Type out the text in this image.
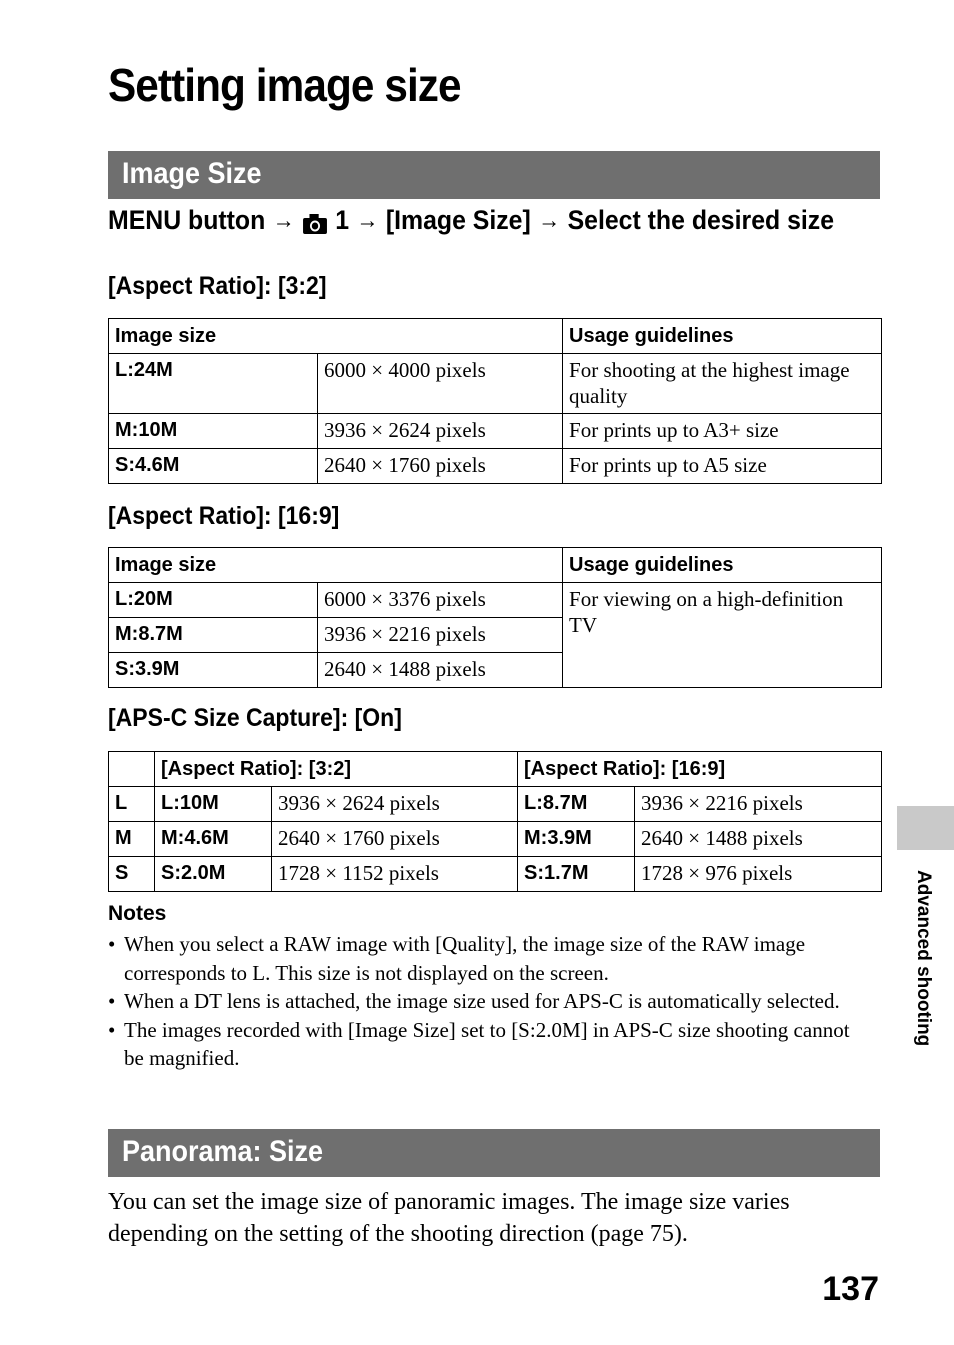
Setting image size
Image Size
MENU button → 1 → [Image Size] → Select the desired size
[Aspect Ratio]: [3:2]
Image size		Usage guidelines
L:24M	6000 × 4000 pixels	For shooting at the highest image quality
M:10M	3936 × 2624 pixels	For prints up to A3+ size
S:4.6M	2640 × 1760 pixels	For prints up to A5 size
[Aspect Ratio]: [16:9]
Image size		Usage guidelines
L:20M	6000 × 3376 pixels	For viewing on a high-definition TV
M:8.7M	3936 × 2216 pixels	
S:3.9M	2640 × 1488 pixels	
[APS-C Size Capture]: [On]
	[Aspect Ratio]: [3:2]		[Aspect Ratio]: [16:9]	
L	L:10M	3936 × 2624 pixels	L:8.7M	3936 × 2216 pixels
M	M:4.6M	2640 × 1760 pixels	M:3.9M	2640 × 1488 pixels
S	S:2.0M	1728 × 1152 pixels	S:1.7M	1728 × 976 pixels
Notes
• When you select a RAW image with [Quality], the image size of the RAW image corresponds to L. This size is not displayed on the screen.
• When a DT lens is attached, the image size used for APS-C is automatically selected.
• The images recorded with [Image Size] set to [S:2.0M] in APS-C size shooting cannot be magnified.
Panorama: Size
You can set the image size of panoramic images. The image size varies depending on the setting of the shooting direction (page 75).
Advanced shooting
137
